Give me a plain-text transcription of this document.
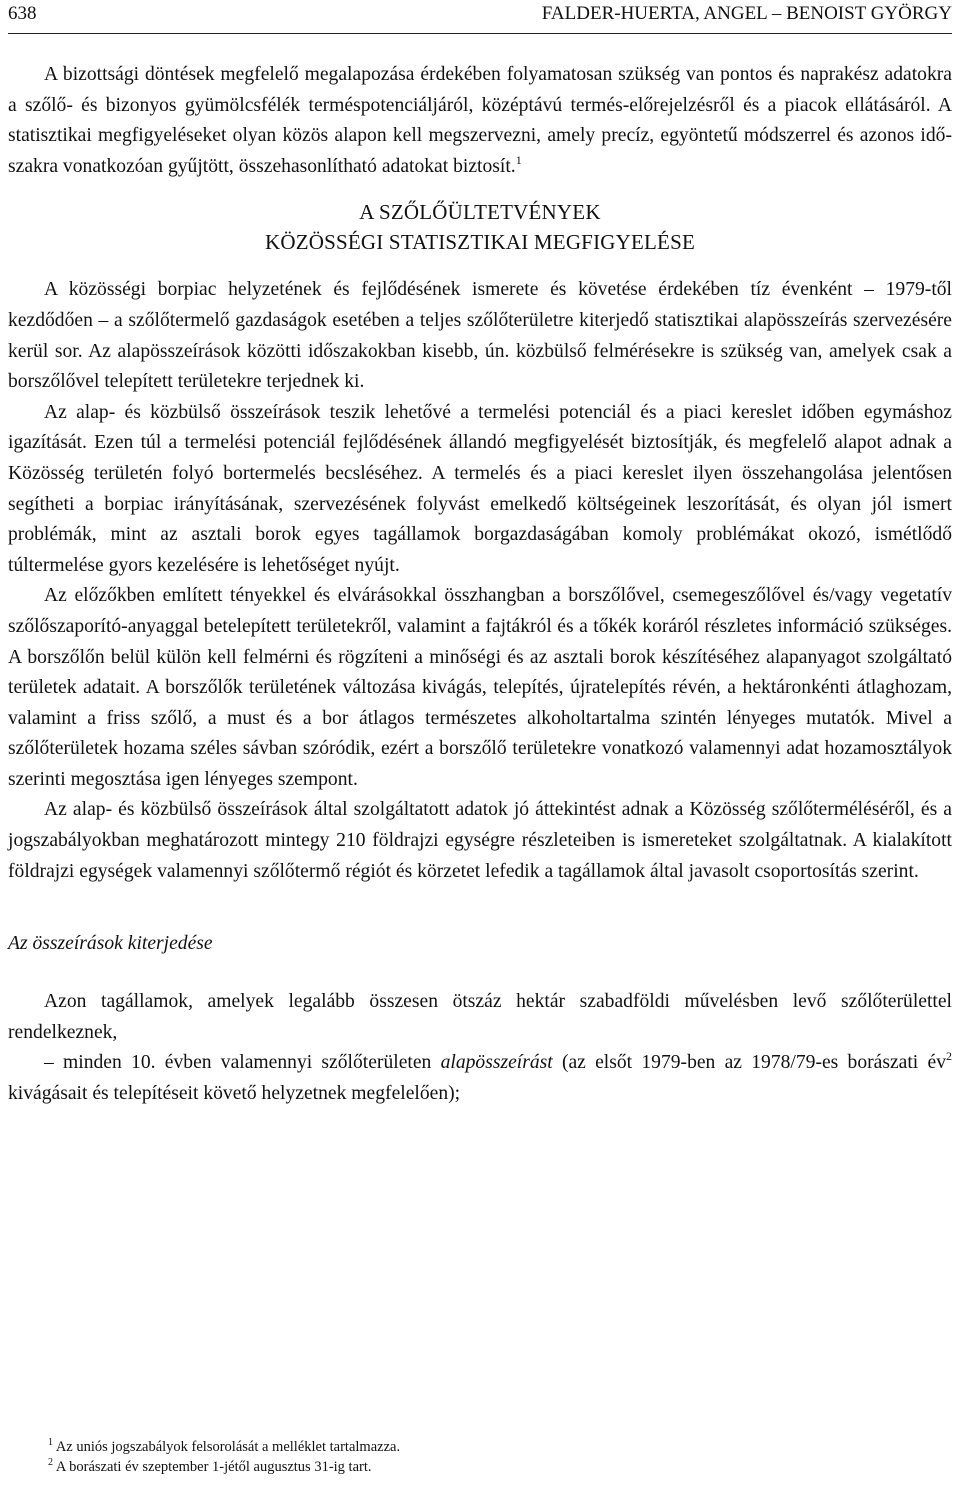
638	FALDER-HUERTA, ANGEL – BENOIST GYÖRGY

A bizottsági döntések megfelelő megalapozása érdekében folyamatosan szükség van pontos és naprakész adatokra a szőlő- és bizonyos gyümölcsfélék terméspotenciáljáról, középtávú termés-előrejelzésről és a piacok ellátásáról. A statisztikai megfigyeléseket olyan közös alapon kell megszervezni, amely precíz, egyöntetű módszerrel és azonos időszakra vonatkozóan gyűjtött, összehasonlítható adatokat biztosít.$^1$

A SZŐLŐÜLTETVÉNYEK
KÖZÖSSÉGI STATISZTIKAI MEGFIGYELÉSE

A közösségi borpiac helyzetének és fejlődésének ismerete és követése érdekében tíz évenként – 1979-től kezdődően – a szőlőtermelő gazdaságok esetében a teljes szőlőterületre kiterjedő statisztikai alapösszeírás szervezésére kerül sor. Az alapösszeírások közötti időszakokban kisebb, ún. közbülső felmérésekre is szükség van, amelyek csak a borszőlővel telepített területekre terjednek ki.

Az alap- és közbülső összeírások teszik lehetővé a termelési potenciál és a piaci kereslet időben egymáshoz igazítását. Ezen túl a termelési potenciál fejlődésének állandó megfigyelését biztosítják, és megfelelő alapot adnak a Közösség területén folyó bortermelés becsléséhez. A termelés és a piaci kereslet ilyen összehangolása jelentősen segítheti a borpiac irányításának, szervezésének folyvást emelkedő költségeinek leszorítását, és olyan jól ismert problémák, mint az asztali borok egyes tagállamok borgazdaságában komoly problémákat okozó, ismétlődő túltermelése gyors kezelésére is lehetőséget nyújt.

Az előzőkben említett tényekkel és elvárásokkal összhangban a borszőlővel, csemegeszőlővel és/vagy vegetatív szőlőszaporító-anyaggal betelepített területekről, valamint a fajtákról és a tőkék koráról részletes információ szükséges. A borszőlőn belül külön kell felmérni és rögzíteni a minőségi és az asztali borok készítéséhez alapanyagot szolgáltató területek adatait. A borszőlők területének változása kivágás, telepítés, újratelepítés révén, a hektáronkénti átlaghozam, valamint a friss szőlő, a must és a bor átlagos természetes alkoholtartalma szintén lényeges mutatók. Mivel a szőlőterületek hozama széles sávban szóródik, ezért a borszőlő területekre vonatkozó valamennyi adat hozamosztályok szerinti megosztása igen lényeges szempont.

Az alap- és közbülső összeírások által szolgáltatott adatok jó áttekintést adnak a Közösség szőlőterméléséről, és a jogszabályokban meghatározott mintegy 210 földrajzi egységre részleteiben is ismereteket szolgáltatnak. A kialakított földrajzi egységek valamennyi szőlőtermő régiót és körzetet lefedik a tagállamok által javasolt csoportosítás szerint.

Az összeírások kiterjedése

Azon tagállamok, amelyek legalább összesen ötszáz hektár szabadföldi művelésben levő szőlőterülettel rendelkeznek,

– minden 10. évben valamennyi szőlőterületen alapösszeírást (az elsőt 1979-ben az 1978/79-es borászati $év^2$ kivágásait és telepítéseit követő helyzetnek megfelelően);

$^1$ Az uniós jogszabályok felsorolását a melléklet tartalmazza.
$^2$ A borászati év szeptember 1-jétől augusztus 31-ig tart.
